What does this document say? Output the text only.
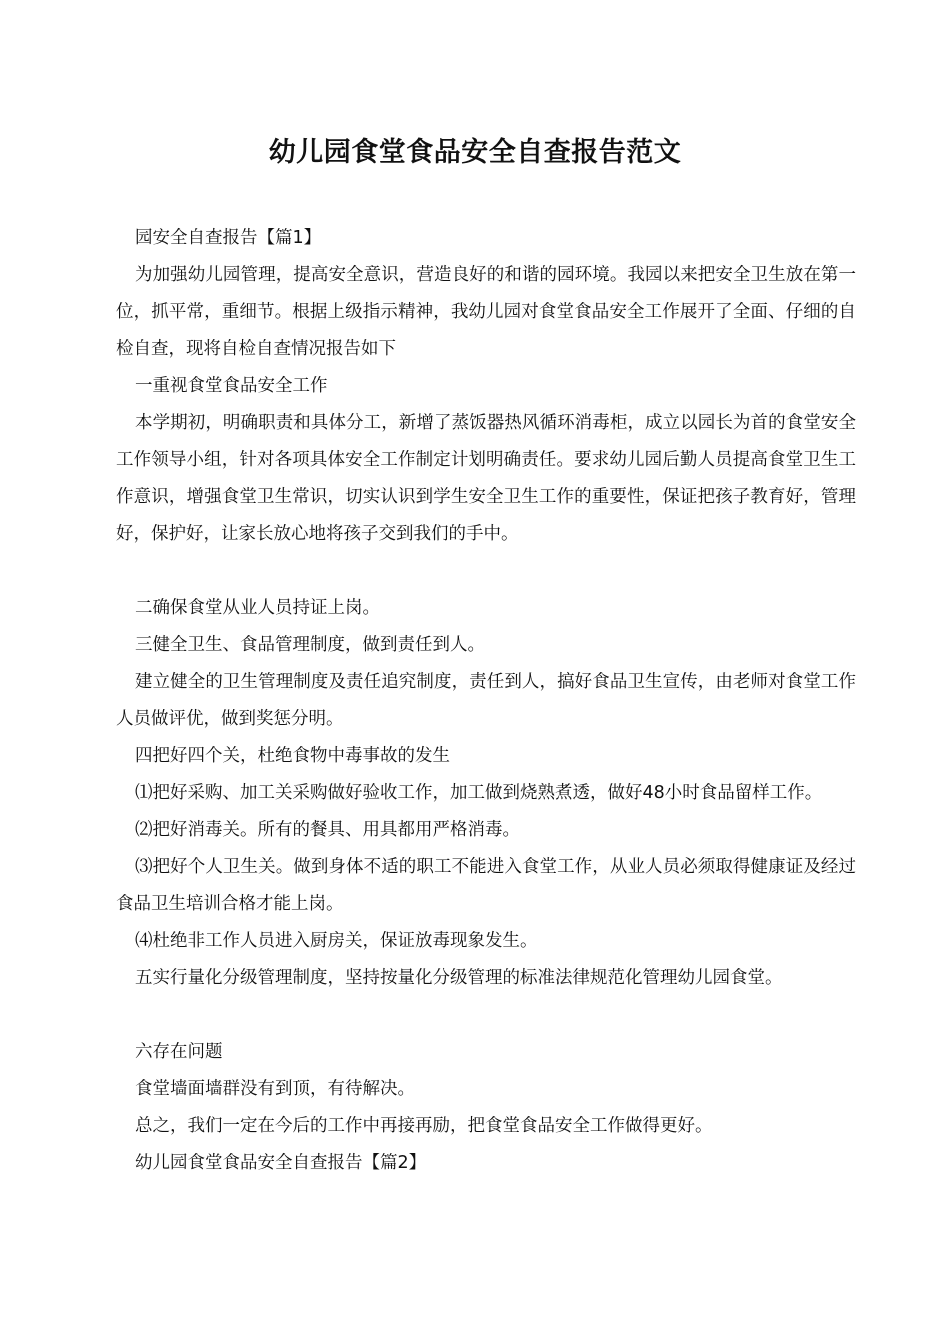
幼儿园食堂食品安全自查报告范文

园安全自查报告【篇1】

为加强幼儿园管理，提高安全意识，营造良好的和谐的园环境。我园以来把安全卫生放在第一位，抓平常，重细节。根据上级指示精神，我幼儿园对食堂食品安全工作展开了全面、仔细的自检自查，现将自检自查情况报告如下

一重视食堂食品安全工作

本学期初，明确职责和具体分工，新增了蒸饭器热风循环消毒柜，成立以园长为首的食堂安全工作领导小组，针对各项具体安全工作制定计划明确责任。要求幼儿园后勤人员提高食堂卫生工作意识，增强食堂卫生常识，切实认识到学生安全卫生工作的重要性，保证把孩子教育好，管理好，保护好，让家长放心地将孩子交到我们的手中。

二确保食堂从业人员持证上岗。

三健全卫生、食品管理制度，做到责任到人。

建立健全的卫生管理制度及责任追究制度，责任到人，搞好食品卫生宣传，由老师对食堂工作人员做评优，做到奖惩分明。

四把好四个关，杜绝食物中毒事故的发生

⑴把好采购、加工关采购做好验收工作，加工做到烧熟煮透，做好48小时食品留样工作。

⑵把好消毒关。所有的餐具、用具都用严格消毒。

⑶把好个人卫生关。做到身体不适的职工不能进入食堂工作，从业人员必须取得健康证及经过食品卫生培训合格才能上岗。

⑷杜绝非工作人员进入厨房关，保证放毒现象发生。

五实行量化分级管理制度，坚持按量化分级管理的标准法律规范化管理幼儿园食堂。

六存在问题

食堂墙面墙群没有到顶，有待解决。

总之，我们一定在今后的工作中再接再励，把食堂食品安全工作做得更好。

幼儿园食堂食品安全自查报告【篇2】
